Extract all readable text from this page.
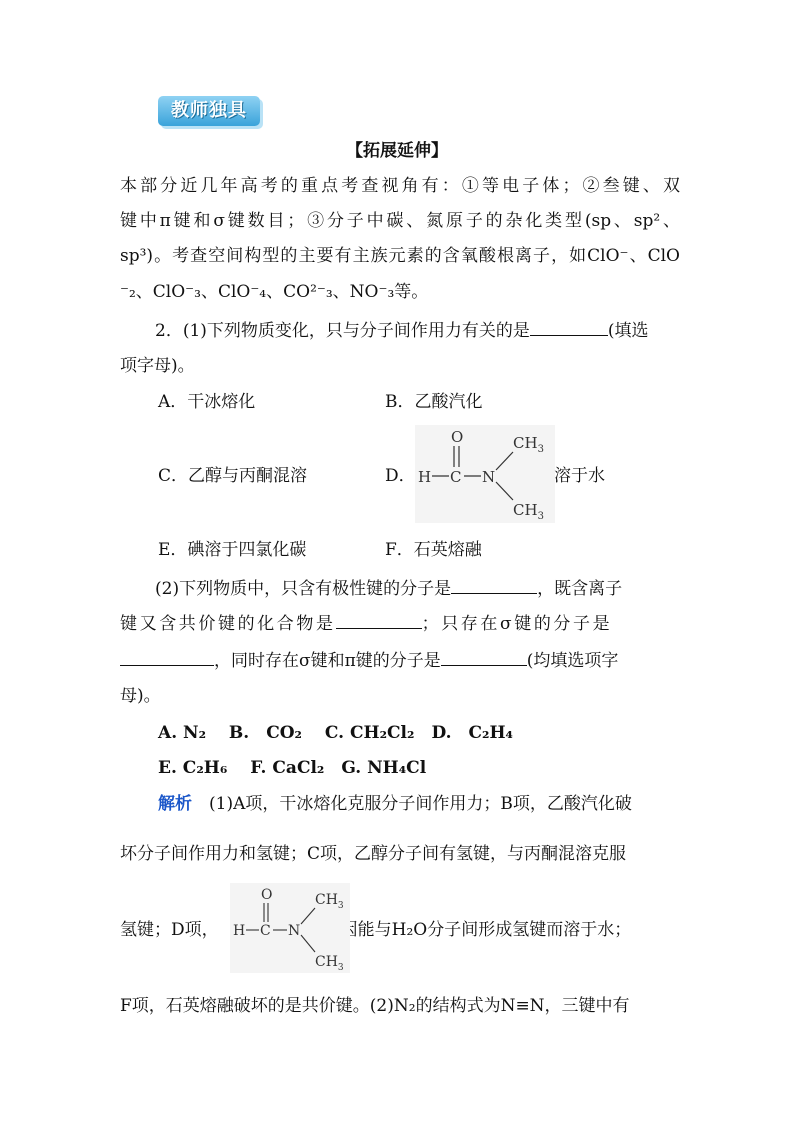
教师独具
【拓展延伸】
本部分近几年高考的重点考查视角有：①等电子体；②叁键、双
键中π键和σ键数目；③分子中碳、氮原子的杂化类型(sp、sp²、
sp³)。考查空间构型的主要有主族元素的含氧酸根离子，如ClO⁻、ClO
⁻₂、ClO⁻₃、ClO⁻₄、CO²⁻₃、NO⁻₃等。
2．(1)下列物质变化，只与分子间作用力有关的是	(填选
项字母)。
A．干冰熔化	B．乙酸汽化
C．乙醇与丙酮混溶	D．
O
H C N
$CH_3$
$CH_3$
溶于水
E．碘溶于四氯化碳	F．石英熔融
(2)下列物质中，只含有极性键的分子是	，既含离子
键又含共价键的化合物是	；只存在σ键的分子是
，同时存在σ键和π键的分子是	(均填选项字
母)。
A. N₂　 B.　CO₂　 C. CH₂Cl₂　D.　C₂H₄
E. C₂H₆　 F. CaCl₂　G. NH₄Cl
解析　 (1)A项，干冰熔化克服分子间作用力；B项，乙酸汽化破
坏分子间作用力和氢键；C项，乙醇分子间有氢键，与丙酮混溶克服
氢键；D项，	因能与H₂O分子间形成氢键而溶于水；
O
H C N
$CH_3$
$CH_3$
F项，石英熔融破坏的是共价键。(2)N₂的结构式为N≡N，三键中有
